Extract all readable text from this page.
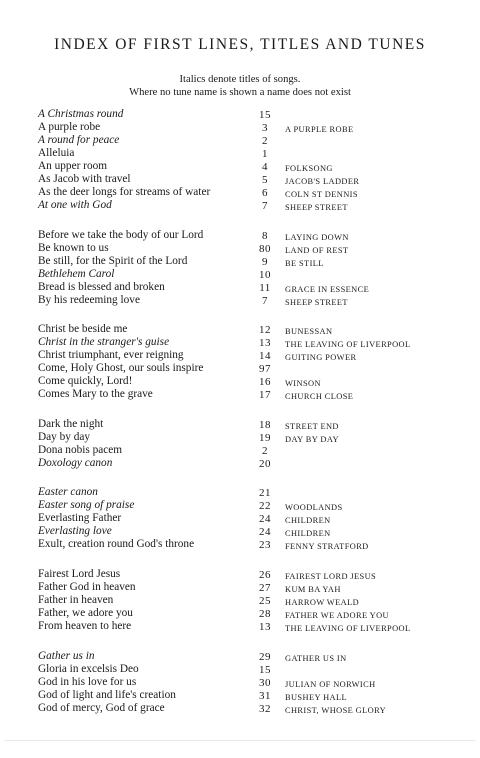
INDEX OF FIRST LINES, TITLES AND TUNES
Italics denote titles of songs.
Where no tune name is shown a name does not exist
A Christmas round	15
A purple robe	3	A PURPLE ROBE
A round for peace	2
Alleluia	1
An upper room	4	FOLKSONG
As Jacob with travel	5	JACOB'S LADDER
As the deer longs for streams of water	6	COLN ST DENNIS
At one with God	7	SHEEP STREET
Before we take the body of our Lord	8	LAYING DOWN
Be known to us	80	LAND OF REST
Be still, for the Spirit of the Lord	9	BE STILL
Bethlehem Carol	10
Bread is blessed and broken	11	GRACE IN ESSENCE
By his redeeming love	7	SHEEP STREET
Christ be beside me	12	BUNESSAN
Christ in the stranger's guise	13	THE LEAVING OF LIVERPOOL
Christ triumphant, ever reigning	14	GUITING POWER
Come, Holy Ghost, our souls inspire	97
Come quickly, Lord!	16	WINSON
Comes Mary to the grave	17	CHURCH CLOSE
Dark the night	18	STREET END
Day by day	19	DAY BY DAY
Dona nobis pacem	2
Doxology canon	20
Easter canon	21
Easter song of praise	22	WOODLANDS
Everlasting Father	24	CHILDREN
Everlasting love	24	CHILDREN
Exult, creation round God's throne	23	FENNY STRATFORD
Fairest Lord Jesus	26	FAIREST LORD JESUS
Father God in heaven	27	KUM BA YAH
Father in heaven	25	HARROW WEALD
Father, we adore you	28	FATHER WE ADORE YOU
From heaven to here	13	THE LEAVING OF LIVERPOOL
Gather us in	29	GATHER US IN
Gloria in excelsis Deo	15
God in his love for us	30	JULIAN OF NORWICH
God of light and life's creation	31	BUSHEY HALL
God of mercy, God of grace	32	CHRIST, WHOSE GLORY
